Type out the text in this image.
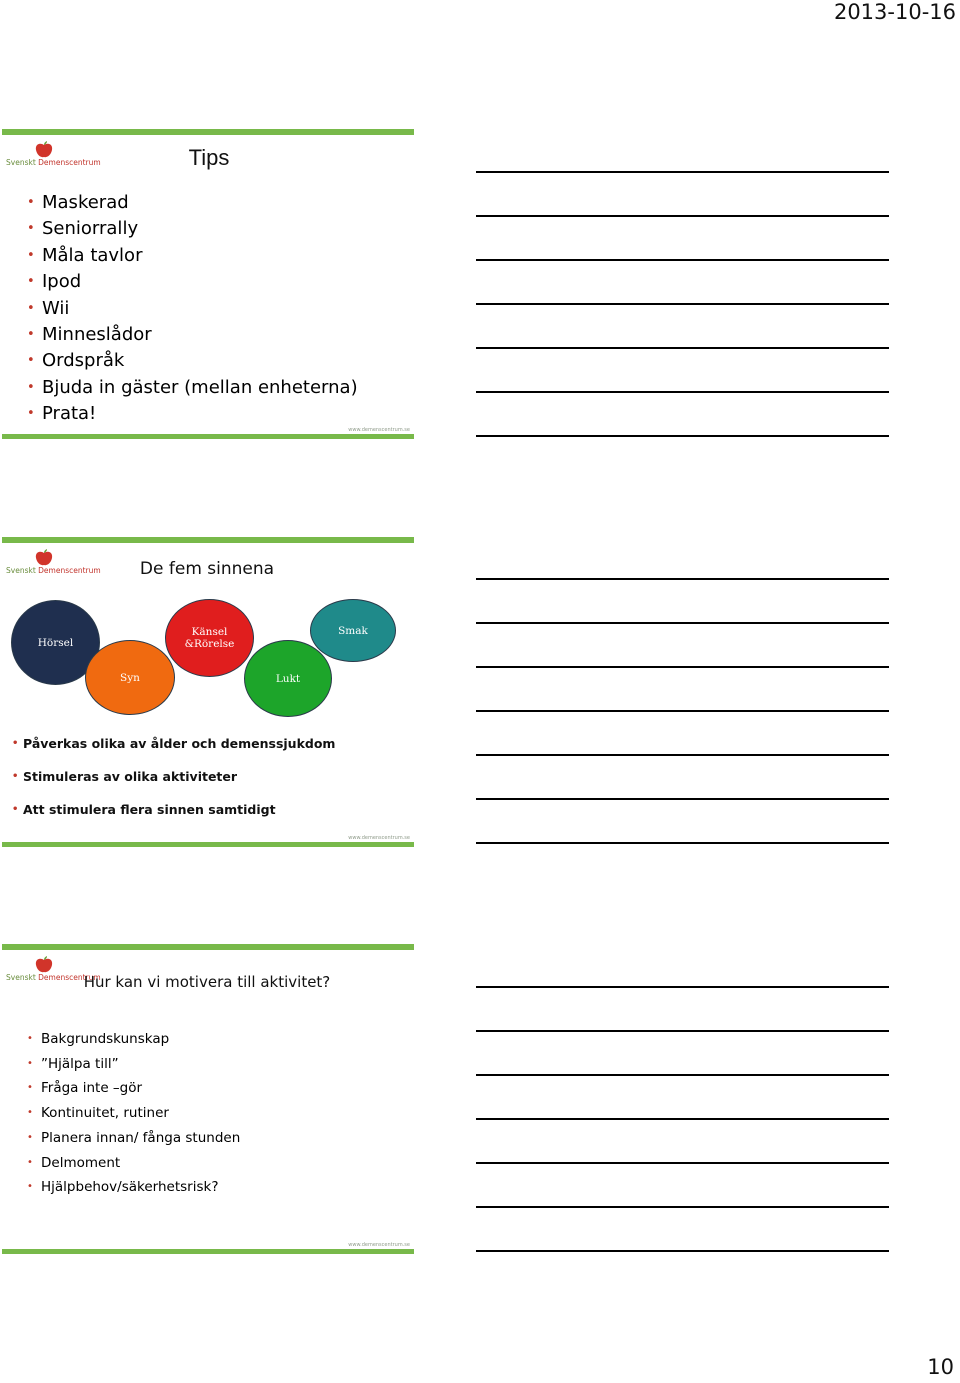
2013-10-16
Svenskt Demenscentrum	Tips
• Maskerad
• Seniorrally
• Måla tavlor
• Ipod
• Wii
• Minneslådor
• Ordspråk
• Bjuda in gäster (mellan enheterna)
• Prata!
www.demenscentrum.se
Svenskt Demenscentrum	De fem sinnena
Hörsel
Känsel
&Rörelse
Smak
Syn	Lukt
• Påverkas olika av ålder och demenssjukdom
• Stimuleras av olika aktiviteter
• Att stimulera flera sinnen samtidigt
www.demenscentrum.se
Svenskt Demenscentrum
Hur kan vi motivera till aktivitet?
• Bakgrundskunskap
• ”Hjälpa till”
• Fråga inte –gör
• Kontinuitet, rutiner
• Planera innan/ fånga stunden
• Delmoment
• Hjälpbehov/säkerhetsrisk?
www.demenscentrum.se
10
